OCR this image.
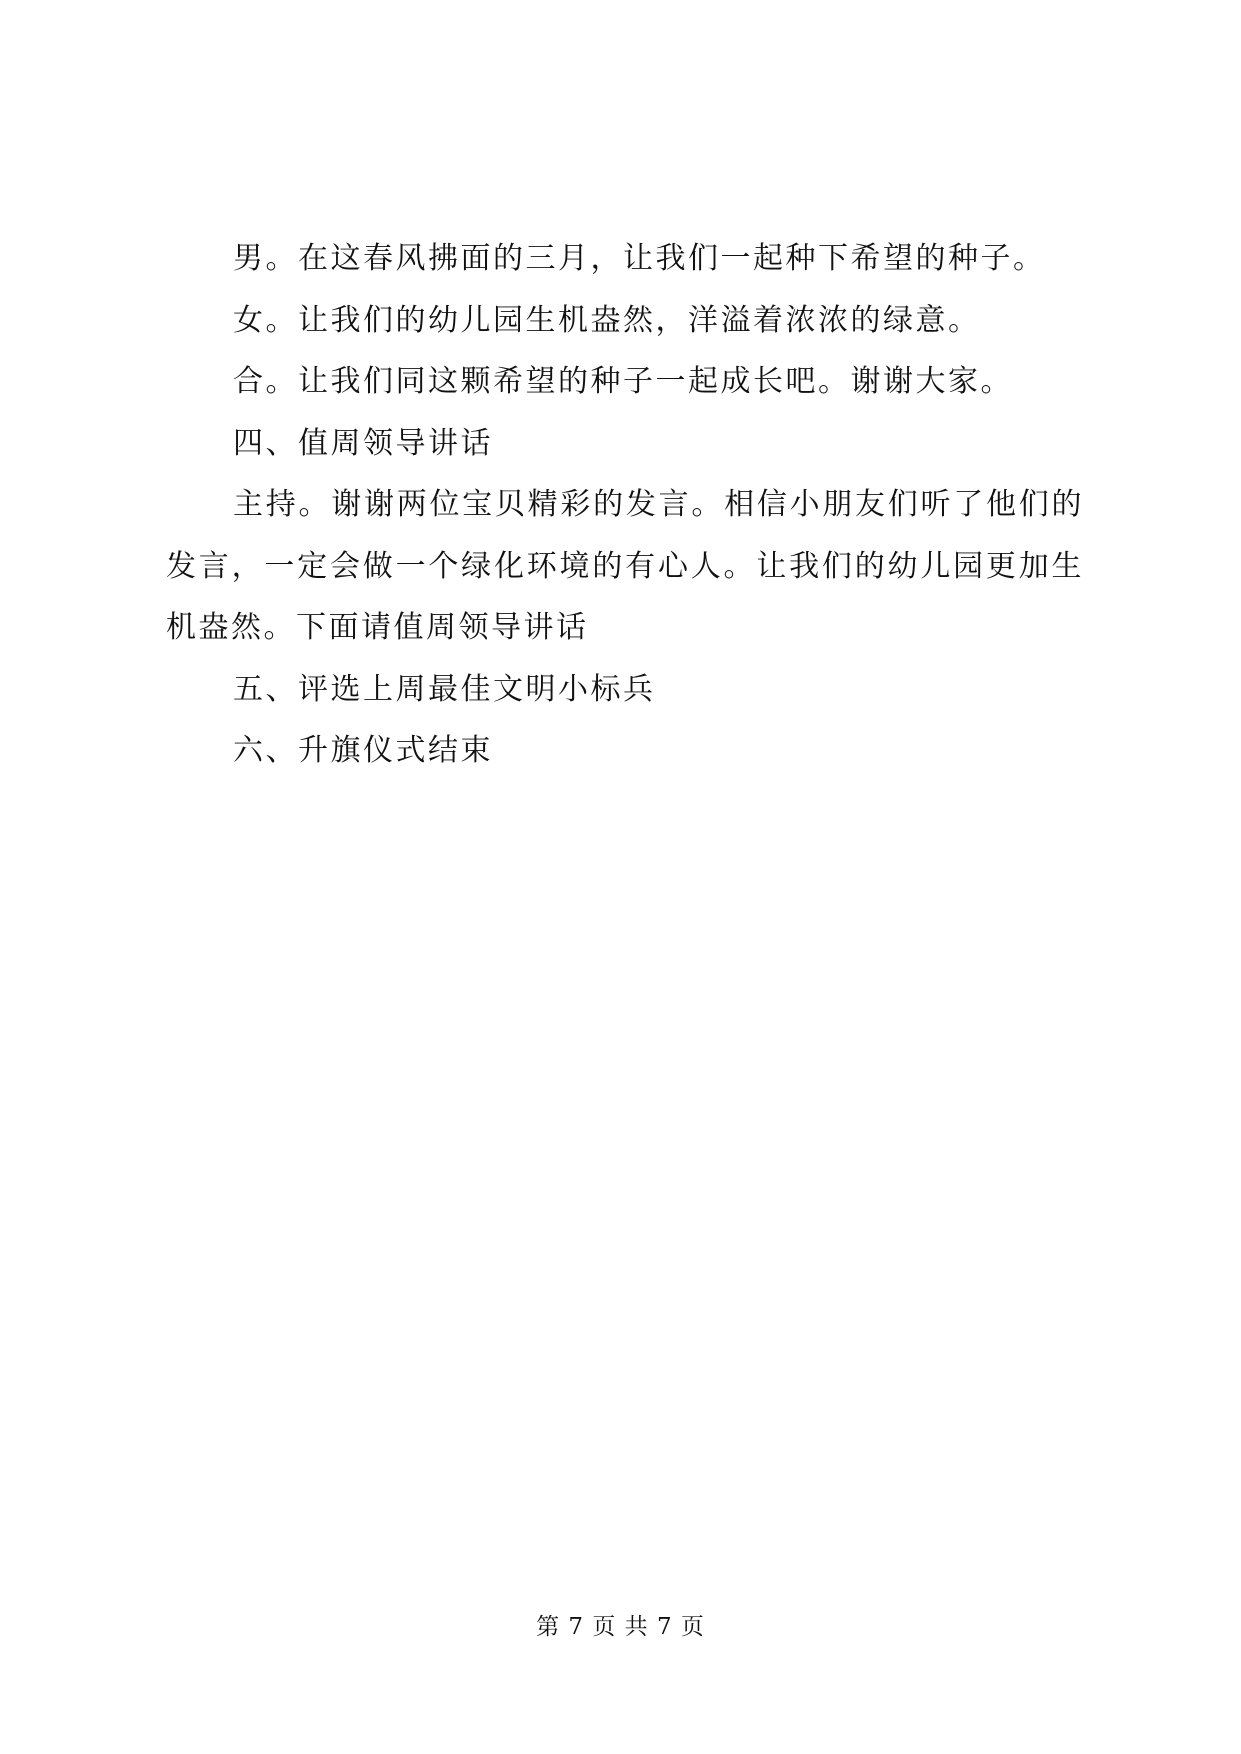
男。在这春风拂面的三月，让我们一起种下希望的种子。

女。让我们的幼儿园生机盎然，洋溢着浓浓的绿意。

合。让我们同这颗希望的种子一起成长吧。谢谢大家。

四、值周领导讲话

主持。谢谢两位宝贝精彩的发言。相信小朋友们听了他们的发言，一定会做一个绿化环境的有心人。让我们的幼儿园更加生机盎然。下面请值周领导讲话

五、评选上周最佳文明小标兵

六、升旗仪式结束

第 7 页 共 7 页
